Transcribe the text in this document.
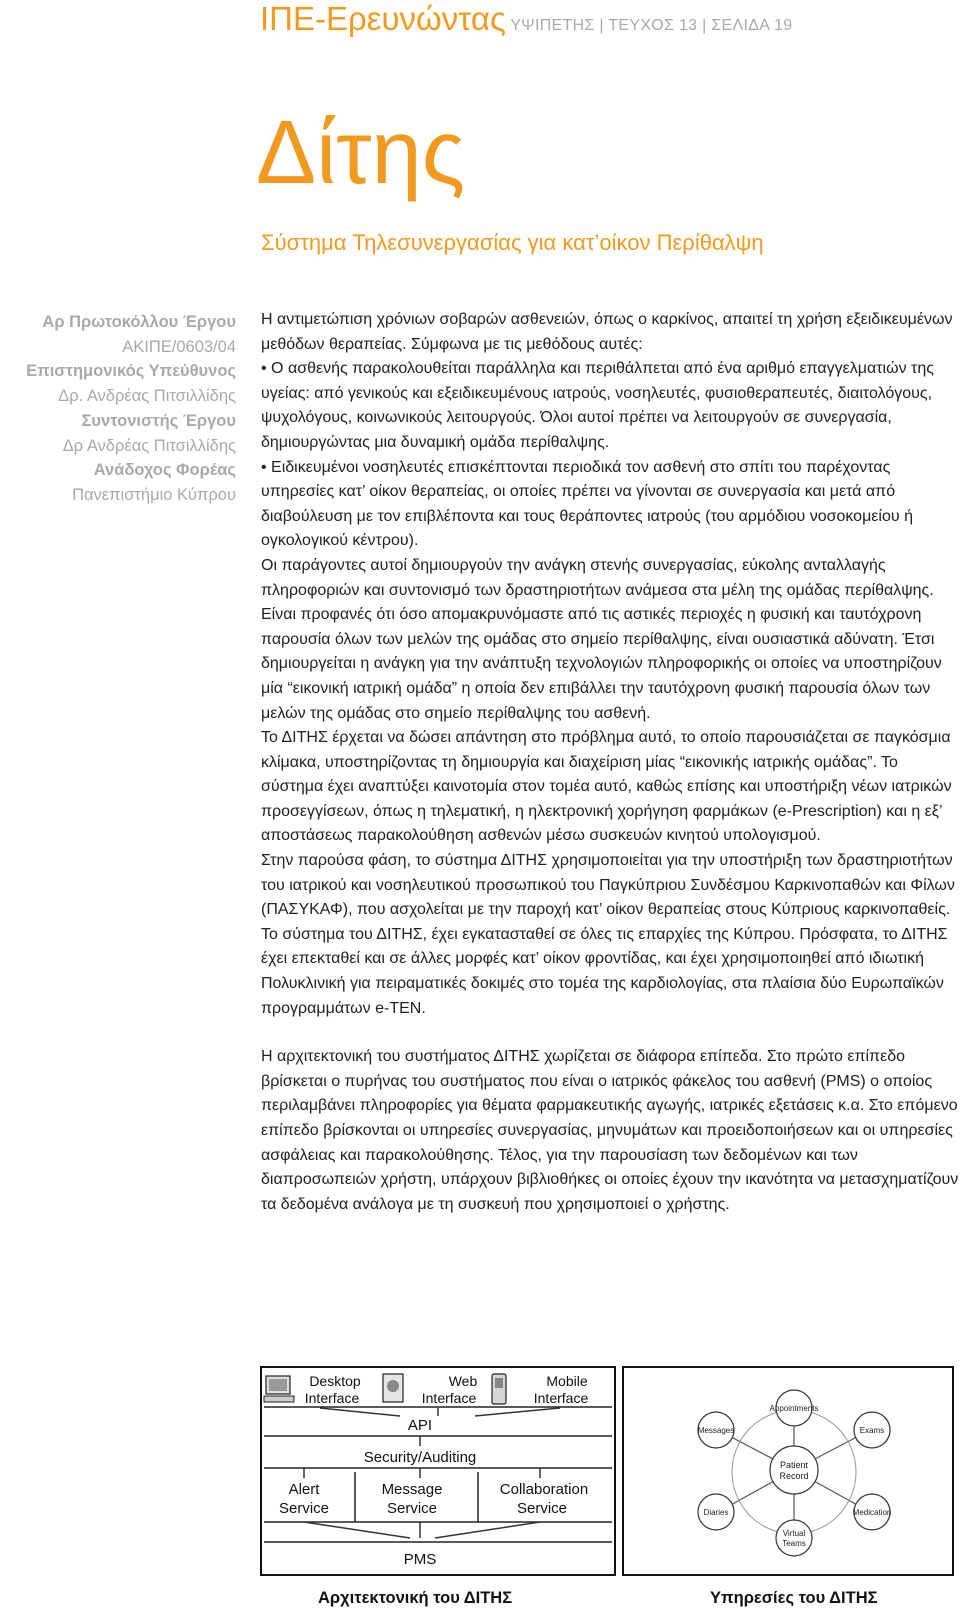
ΙΠΕ-Ερευνώντας ΥΨΙΠΕΤΗΣ | ΤΕΥΧΟΣ 13 | ΣΕΛΙΔΑ 19
Δίτης
Σύστημα Τηλεσυνεργασίας για κατ’οίκον Περίθαλψη
Αρ Πρωτοκόλλου Έργου
ΑΚΙΠΕ/0603/04
Επιστημονικός Υπεύθυνος
Δρ. Ανδρέας Πιτσιλλίδης
Συντονιστής Έργου
Δρ Ανδρέας Πιτσιλλίδης
Ανάδοχος Φορέας
Πανεπιστήμιο Κύπρου

Η αντιμετώπιση χρόνιων σοβαρών ασθενειών, όπως ο καρκίνος, απαιτεί τη χρήση εξειδικευμένων μεθόδων θεραπείας. Σύμφωνα με τις μεθόδους αυτές:

• Ο ασθενής παρακολουθείται παράλληλα και περιθάλπεται από ένα αριθμό επαγγελματιών της υγείας: από γενικούς και εξειδικευμένους ιατρούς, νοσηλευτές, φυσιοθεραπευτές, διαιτολόγους, ψυχολόγους, κοινωνικούς λειτουργούς. Όλοι αυτοί πρέπει να λειτουργούν σε συνεργασία, δημιουργώντας μια δυναμική ομάδα περίθαλψης.

• Ειδικευμένοι νοσηλευτές επισκέπτονται περιοδικά τον ασθενή στο σπίτι του παρέχοντας υπηρεσίες κατ’ οίκον θεραπείας, οι οποίες πρέπει να γίνονται σε συνεργασία και μετά από διαβούλευση με τον επιβλέποντα και τους θεράποντες ιατρούς (του αρμόδιου νοσοκομείου ή ογκολογικού κέντρου).

Οι παράγοντες αυτοί δημιουργούν την ανάγκη στενής συνεργασίας, εύκολης ανταλλαγής πληροφοριών και συντονισμό των δραστηριοτήτων ανάμεσα στα μέλη της ομάδας περίθαλψης. Είναι προφανές ότι όσο απομακρυνόμαστε από τις αστικές περιοχές η φυσική και ταυτόχρονη παρουσία όλων των μελών της ομάδας στο σημείο περίθαλψης, είναι ουσιαστικά αδύνατη. Έτσι δημιουργείται η ανάγκη για την ανάπτυξη τεχνολογιών πληροφορικής οι οποίες να υποστηρίζουν μία “εικονική ιατρική ομάδα” η οποία δεν επιβάλλει την ταυτόχρονη φυσική παρουσία όλων των μελών της ομάδας στο σημείο περίθαλψης του ασθενή.

Το ΔΙΤΗΣ έρχεται να δώσει απάντηση στο πρόβλημα αυτό, το οποίο παρουσιάζεται σε παγκόσμια κλίμακα, υποστηρίζοντας τη δημιουργία και διαχείριση μίας “εικονικής ιατρικής ομάδας”. Το σύστημα έχει αναπτύξει καινοτομία στον τομέα αυτό, καθώς επίσης και υποστήριξη νέων ιατρικών προσεγγίσεων, όπως η τηλεματική, η ηλεκτρονική χορήγηση φαρμάκων (e-Prescription) και η εξ’ αποστάσεως παρακολούθηση ασθενών μέσω συσκευών κινητού υπολογισμού.

Στην παρούσα φάση, το σύστημα ΔΙΤΗΣ χρησιμοποιείται για την υποστήριξη των δραστηριοτήτων του ιατρικού και νοσηλευτικού προσωπικού του Παγκύπριου Συνδέσμου Καρκινοπαθών και Φίλων (ΠΑΣΥΚΑΦ), που ασχολείται με την παροχή κατ’ οίκον θεραπείας στους Κύπριους καρκινοπαθείς. Το σύστημα του ΔΙΤΗΣ, έχει εγκατασταθεί σε όλες τις επαρχίες της Κύπρου. Πρόσφατα, το ΔΙΤΗΣ έχει επεκταθεί και σε άλλες μορφές κατ’ οίκον φροντίδας, και έχει χρησιμοποιηθεί από ιδιωτική Πολυκλινική για πειραματικές δοκιμές στο τομέα της καρδιολογίας, στα πλαίσια δύο Ευρωπαϊκών προγραμμάτων e-TEN.

Η αρχιτεκτονική του συστήματος ΔΙΤΗΣ χωρίζεται σε διάφορα επίπεδα. Στο πρώτο επίπεδο βρίσκεται ο πυρήνας του συστήματος που είναι ο ιατρικός φάκελος του ασθενή (PMS) ο οποίος περιλαμβάνει πληροφορίες για θέματα φαρμακευτικής αγωγής, ιατρικές εξετάσεις κ.α. Στο επόμενο επίπεδο βρίσκονται οι υπηρεσίες συνεργασίας, μηνυμάτων και προειδοποιήσεων και οι υπηρεσίες ασφάλειας και παρακολούθησης. Τέλος, για την παρουσίαση των δεδομένων και των διαπροσωπειών χρήστη, υπάρχουν βιβλιοθήκες οι οποίες έχουν την ικανότητα να μετασχηματίζουν τα δεδομένα ανάλογα με τη συσκευή που χρησιμοποιεί ο χρήστης.

Desktop
Interface
Web
Interface
Mobile
Interface
API
Security/Auditing
Alert
Service
Message
Service
Collaboration
Service
PMS
Patient
Record
Appointments
Messages	Exams
Diaries	Medication
Virtual
Teams
Αρχιτεκτονική του ΔΙΤΗΣ	Υπηρεσίες του ΔΙΤΗΣ
